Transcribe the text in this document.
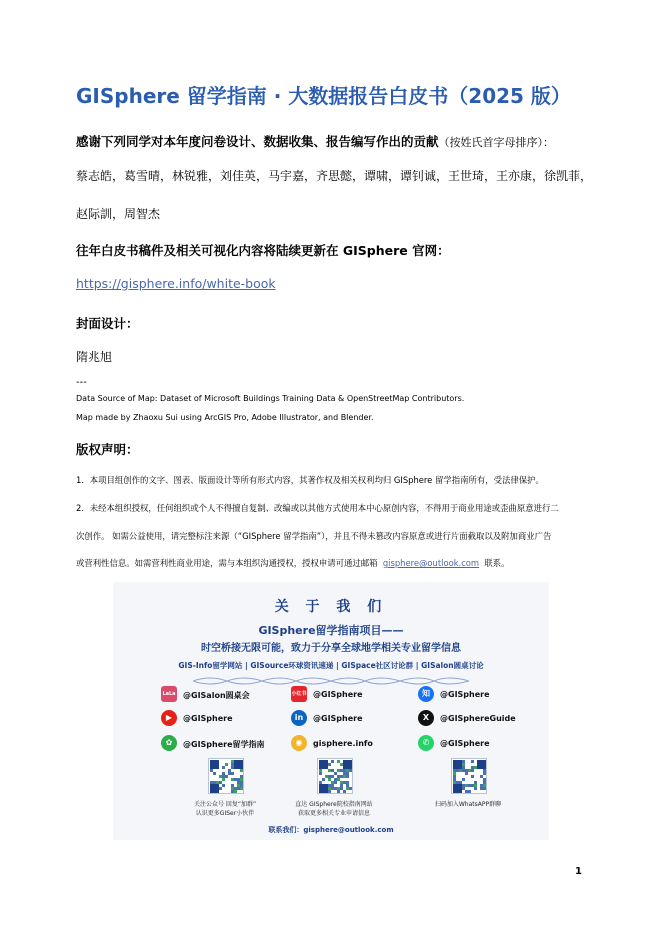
GISphere 留学指南 · 大数据报告白皮书（2025 版）
感谢下列同学对本年度问卷设计、数据收集、报告编写作出的贡献（按姓氏首字母排序）：
蔡志皓，葛雪晴，林锐雅，刘佳英，马宇嘉，齐思懿，谭啸，谭钊诚，王世琦，王亦康，徐凯菲，
赵际訓，周智杰
往年白皮书稿件及相关可视化内容将陆续更新在 GISphere 官网：
https://gisphere.info/white-book
封面设计：
隋兆旭
---
Data Source of Map: Dataset of Microsoft Buildings Training Data & OpenStreetMap Contributors.
Map made by Zhaoxu Sui using ArcGIS Pro, Adobe Illustrator, and Blender.
版权声明：
1．本项目组创作的文字、图表、版面设计等所有形式内容，其著作权及相关权利均归 GISphere 留学指南所有，受法律保护。
2．未经本组织授权，任何组织或个人不得擅自复制、改编或以其他方式使用本中心原创内容，不得用于商业用途或歪曲原意进行二
次创作。 如需公益使用，请完整标注来源（“GISphere 留学指南”），并且不得未篡改内容原意或进行片面截取以及附加商业广告
或营利性信息。如需营利性商业用途，需与本组织沟通授权，授权申请可通过邮箱 gisphere@outlook.com 联系。
关 于 我 们
GISphere留学指南项目——
时空桥接无限可能，致力于分享全球地学相关专业留学信息
GIS-Info留学网站 | GISource环球资讯速递 | GISpace社区讨论群 | GISalon圆桌讨论
LaLa @GISalon圆桌会	小红书 @GISphere	知	@GISphere
▶	@GISphere	in	@GISphere	X	@GISphereGuide
✿	@GISphere留学指南	◉	gisphere.info	✆	@GISphere
关注公众号 回复“加群”
认识更多GISer小伙伴
直达 GISphere院校指南网站
获取更多相关专业申请信息
扫码加入WhatsAPP群聊
联系我们：gisphere@outlook.com
1
